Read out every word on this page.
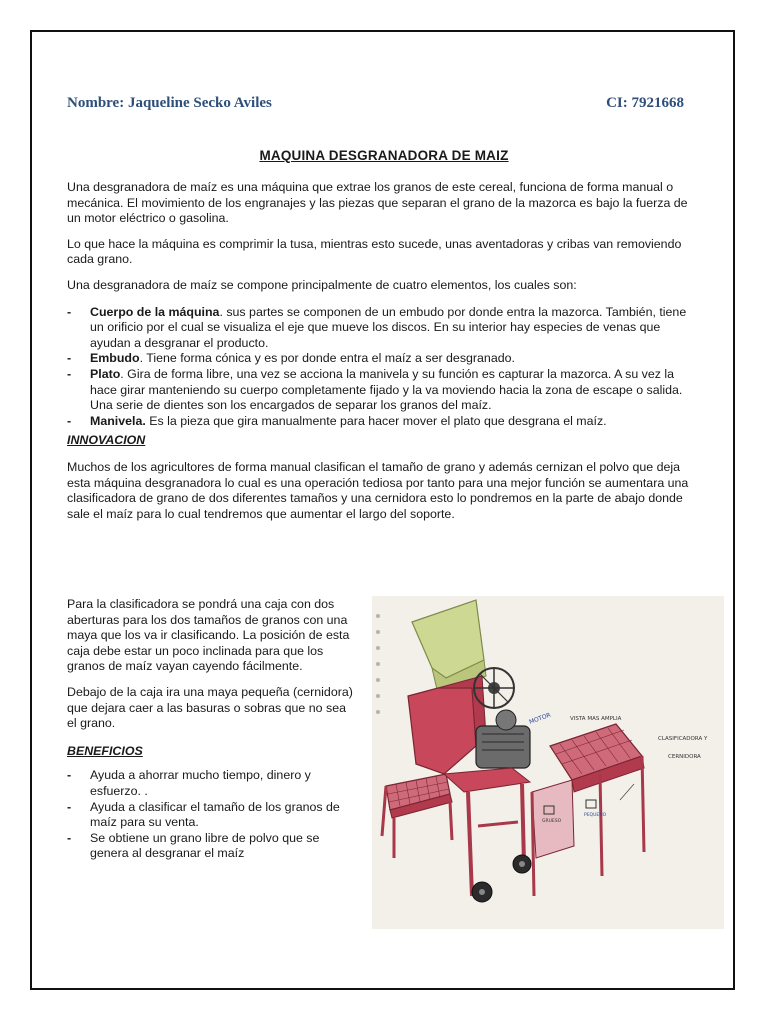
Nombre: Jaqueline Secko Aviles	CI: 7921668
MAQUINA DESGRANADORA DE MAIZ

Una desgranadora de maíz es una máquina que extrae los granos de este cereal, funciona de forma manual o mecánica. El movimiento de los engranajes y las piezas que separan el grano de la mazorca es bajo la fuerza de un motor eléctrico o gasolina.

Lo que hace la máquina es comprimir la tusa, mientras esto sucede, unas aventadoras y cribas van removiendo cada grano.

Una desgranadora de maíz se compone principalmente de cuatro elementos, los cuales son:

- Cuerpo de la máquina. sus partes se componen de un embudo por donde entra la mazorca. También, tiene un orificio por el cual se visualiza el eje que mueve los discos. En su interior hay especies de venas que ayudan a desgranar el producto.
- Embudo. Tiene forma cónica y es por donde entra el maíz a ser desgranado.
- Plato. Gira de forma libre, una vez se acciona la manivela y su función es capturar la mazorca. A su vez la hace girar manteniendo su cuerpo completamente fijado y la va moviendo hacia la zona de escape o salida. Una serie de dientes son los encargados de separar los granos del maíz.
- Manivela. Es la pieza que gira manualmente para hacer mover el plato que desgrana el maíz.

INNOVACION

Muchos de los agricultores de forma manual clasifican el tamaño de grano y además cernizan el polvo que deja esta máquina desgranadora lo cual es una operación tediosa por tanto para una mejor función se aumentara una clasificadora de grano de dos diferentes tamaños y una cernidora esto lo pondremos en la parte de abajo donde sale el maíz para lo cual tendremos que aumentar el largo del soporte.

Para la clasificadora se pondrá una caja con dos aberturas para los dos tamaños de granos con una maya que los va ir clasificando. La posición de esta caja debe estar un poco inclinada para que los granos de maíz vayan cayendo fácilmente.

Debajo de la caja ira una maya pequeña (cernidora) que dejara caer a las basuras o sobras que no sea el grano.

BENEFICIOS

- Ayuda a ahorrar mucho tiempo, dinero y esfuerzo. .
- Ayuda a clasificar el tamaño de los granos de maíz para su venta.
- Se obtiene un grano libre de polvo que se genera al desgranar el maíz
MOTOR	VISTA MAS AMPLIA
CLASIFICADORA Y
CERNIDORA
GRUESO
PEQUEÑO
